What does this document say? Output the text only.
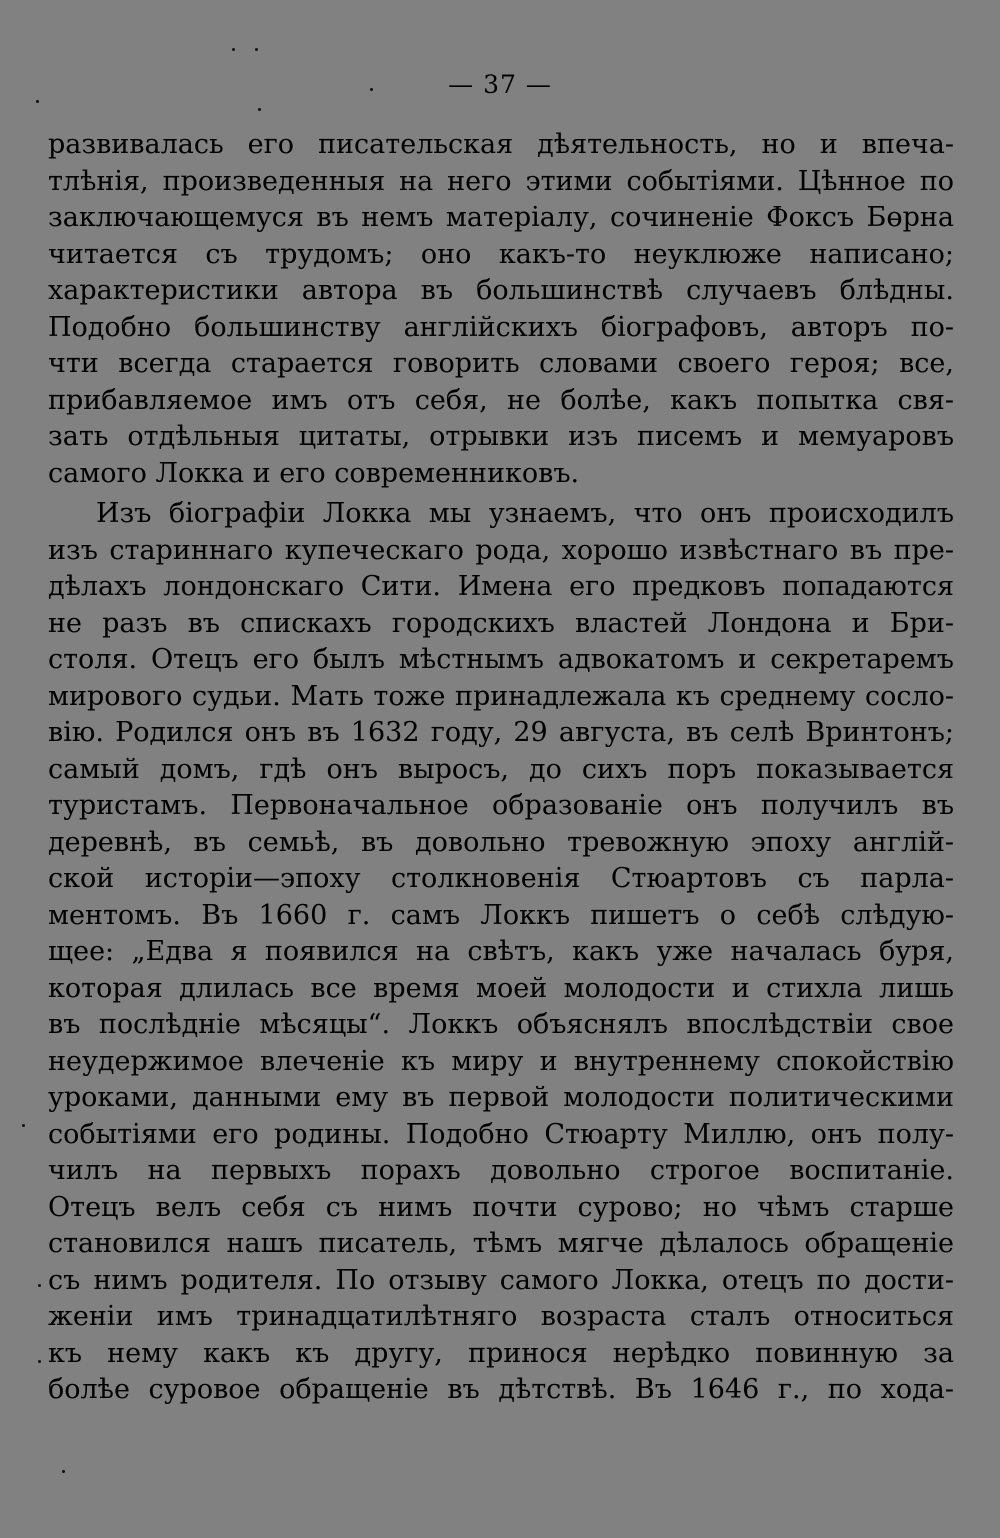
— 37 —
развивалась его писательская дѣятельность, но и впеча-
тлѣнія, произведенныя на него этими событіями. Цѣнное по
заключающемуся въ немъ матеріалу, сочиненіе Фоксъ Бөрна
читается съ трудомъ; оно какъ-то неуклюже написано;
характеристики автора въ большинствѣ случаевъ блѣдны.
Подобно большинству англійскихъ біографовъ, авторъ по-
чти всегда старается говорить словами своего героя; все,
прибавляемое имъ отъ себя, не болѣе, какъ попытка свя-
зать отдѣльныя цитаты, отрывки изъ писемъ и мемуаровъ
самого Локка и его современниковъ.
Изъ біографіи Локка мы узнаемъ, что онъ происходилъ
изъ стариннаго купеческаго рода, хорошо извѣстнаго въ пре-
дѣлахъ лондонскаго Сити. Имена его предковъ попадаются
не разъ въ спискахъ городскихъ властей Лондона и Бри-
столя. Отецъ его былъ мѣстнымъ адвокатомъ и секретаремъ
мирового судьи. Мать тоже принадлежала къ среднему сосло-
вію. Родился онъ въ 1632 году, 29 августа, въ селѣ Вринтонъ;
самый домъ, гдѣ онъ выросъ, до сихъ поръ показывается
туристамъ. Первоначальное образованіе онъ получилъ въ
деревнѣ, въ семьѣ, въ довольно тревожную эпоху англій-
ской исторіи—эпоху столкновенія Стюартовъ съ парла-
ментомъ. Въ 1660 г. самъ Локкъ пишетъ о себѣ слѣдую-
щее: „Едва я появился на свѣтъ, какъ уже началась буря,
которая длилась все время моей молодости и стихла лишь
въ послѣдніе мѣсяцы“. Локкъ объяснялъ впослѣдствіи свое
неудержимое влеченіе къ миру и внутреннему спокойствію
уроками, данными ему въ первой молодости политическими
событіями его родины. Подобно Стюарту Миллю, онъ полу-
чилъ на первыхъ порахъ довольно строгое воспитаніе.
Отецъ велъ себя съ нимъ почти сурово; но чѣмъ старше
становился нашъ писатель, тѣмъ мягче дѣлалось обращеніе
съ нимъ родителя. По отзыву самого Локка, отецъ по дости-
женіи имъ тринадцатилѣтняго возраста сталъ относиться
къ нему какъ къ другу, принося нерѣдко повинную за
болѣе суровое обращеніе въ дѣтствѣ. Въ 1646 г., по хода-
